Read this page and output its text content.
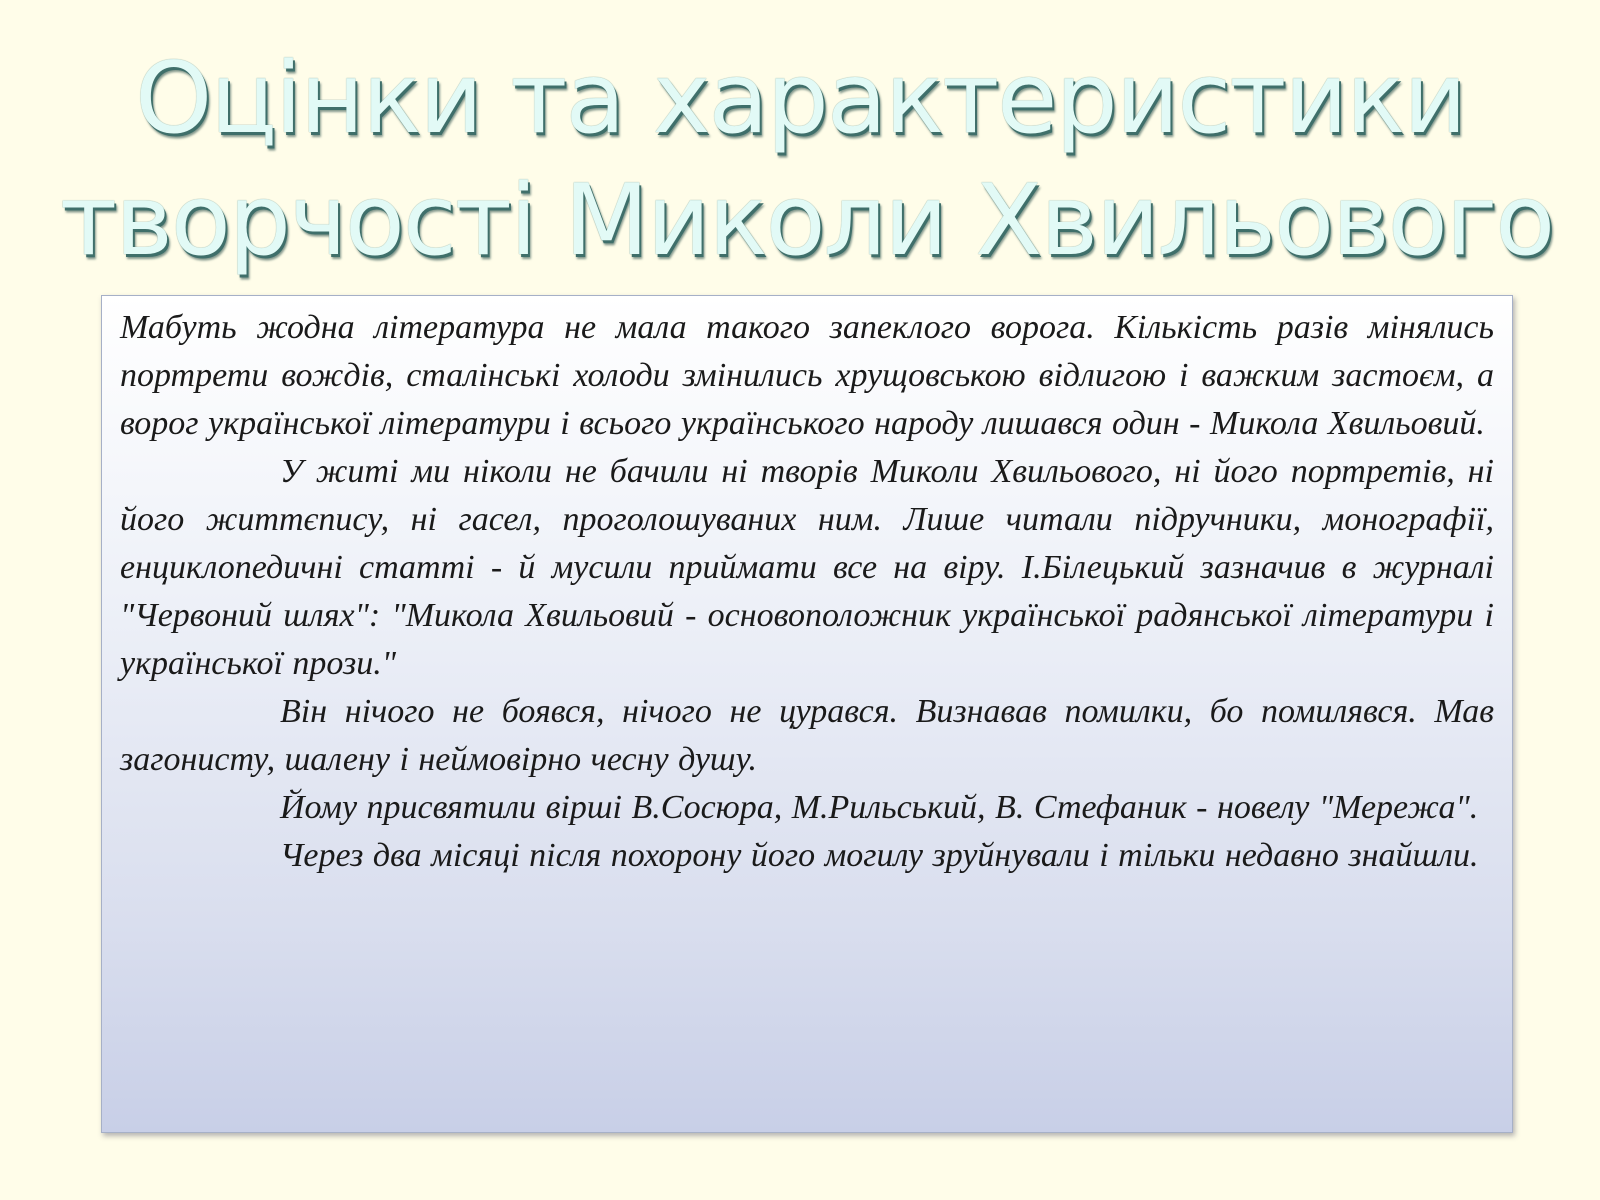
Оцінки та характеристики
творчості Миколи Хвильового

Мабуть жодна література не мала такого запеклого ворога. Кількість разів мінялись портрети вождів, сталінські холоди змінились хрущовською відлигою і важким застоєм, а ворог української літератури і всього українського народу лишався один - Микола Хвильовий.

У житі ми ніколи не бачили ні творів Миколи Хвильового, ні його портретів, ні його життєпису, ні гасел, проголошуваних ним. Лише читали підручники, монографії, енциклопедичні статті - й мусили приймати все на віру. І.Білецький зазначив в журналі "Червоний шлях": "Микола Хвильовий - основоположник української радянської літератури і української прози."

Він нічого не боявся, нічого не цурався. Визнавав помилки, бо помилявся. Мав загонисту, шалену і неймовірно чесну душу.

Йому присвятили вірші В.Сосюра, М.Рильський, В. Стефаник - новелу "Мережа".

Через два місяці після похорону його могилу зруйнували і тільки недавно знайшли.
